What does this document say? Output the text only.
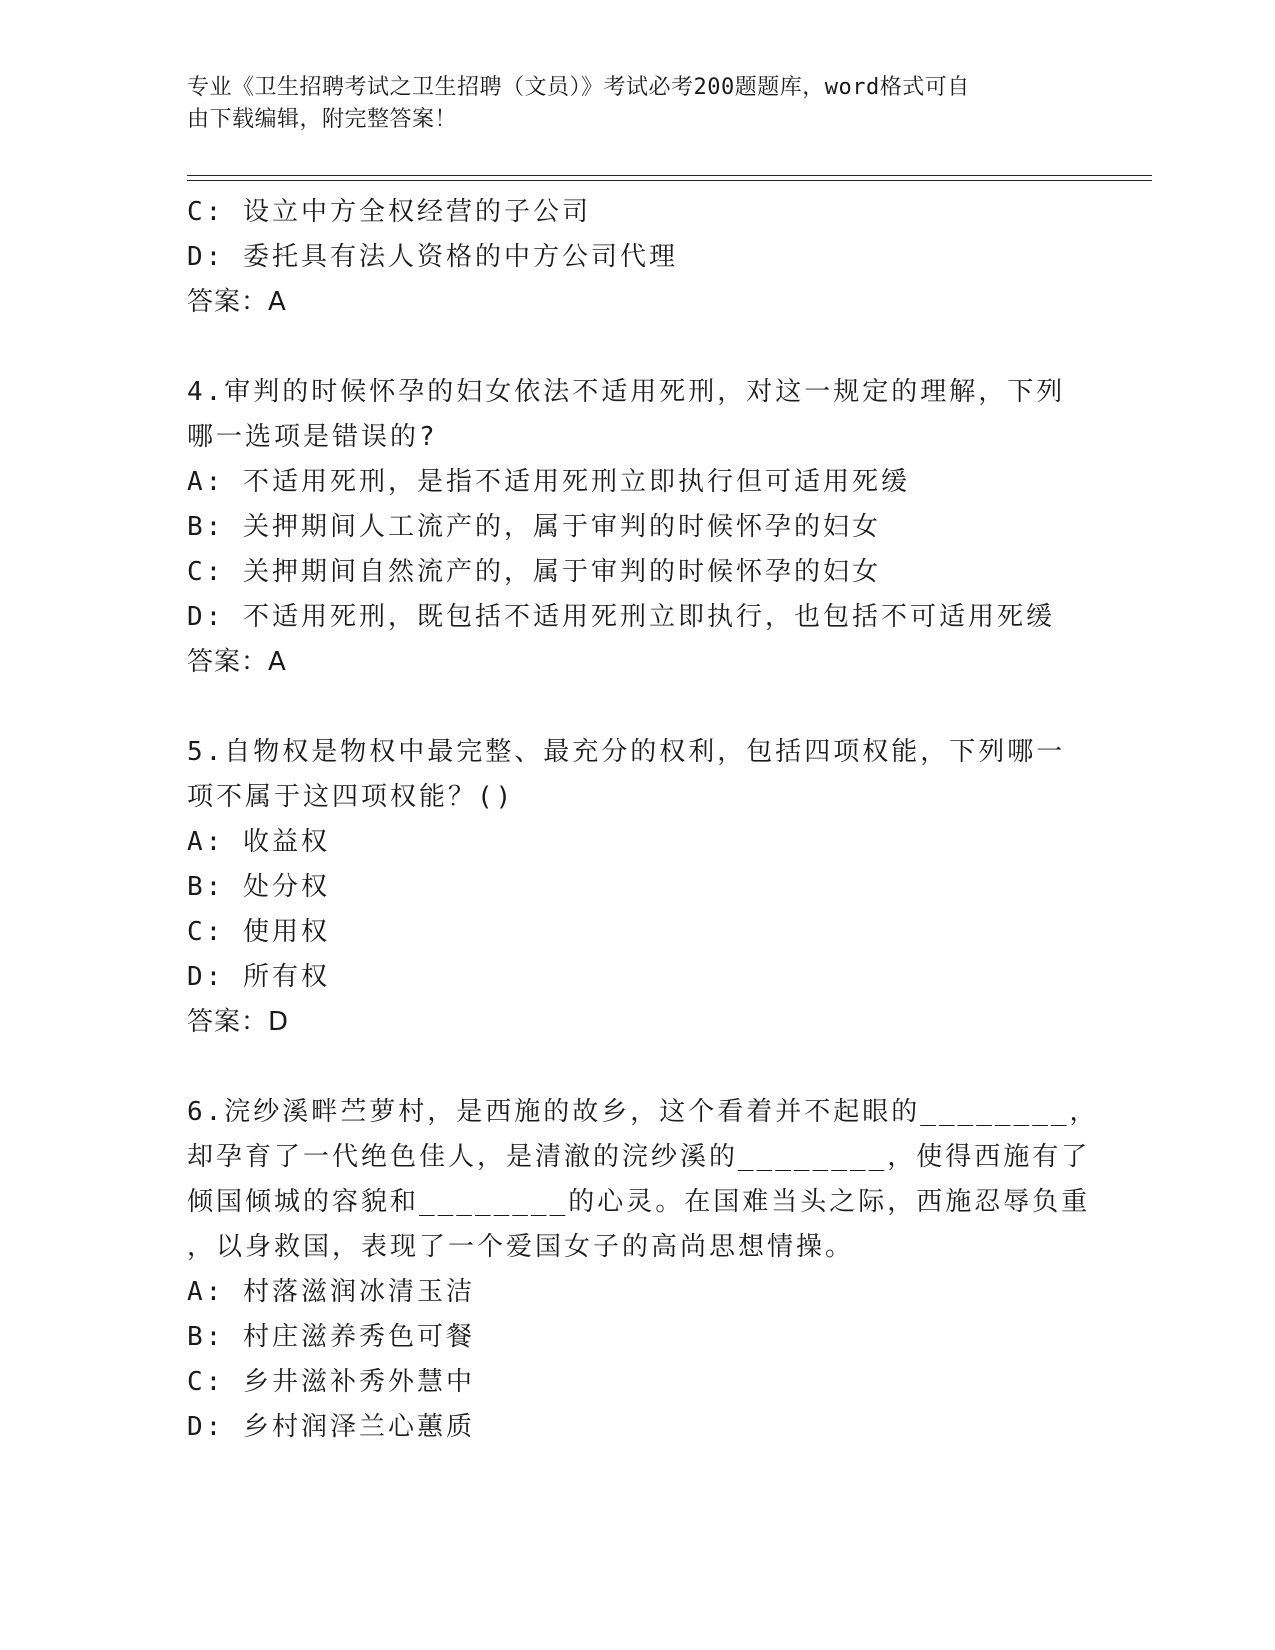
专业《卫生招聘考试之卫生招聘（文员）》考试必考200题题库，word格式可自
由下载编辑，附完整答案！
C: 设立中方全权经营的子公司
D: 委托具有法人资格的中方公司代理
答案：A
4.审判的时候怀孕的妇女依法不适用死刑，对这一规定的理解，下列
哪一选项是错误的?
A: 不适用死刑，是指不适用死刑立即执行但可适用死缓
B: 关押期间人工流产的，属于审判的时候怀孕的妇女
C: 关押期间自然流产的，属于审判的时候怀孕的妇女
D: 不适用死刑，既包括不适用死刑立即执行，也包括不可适用死缓
答案：A
5.自物权是物权中最完整、最充分的权利，包括四项权能，下列哪一
项不属于这四项权能？()
A: 收益权
B: 处分权
C: 使用权
D: 所有权
答案：D
6.浣纱溪畔苎萝村，是西施的故乡，这个看着并不起眼的________，
却孕育了一代绝色佳人，是清澈的浣纱溪的________，使得西施有了
倾国倾城的容貌和________的心灵。在国难当头之际，西施忍辱负重
，以身救国，表现了一个爱国女子的高尚思想情操。
A: 村落滋润冰清玉洁
B: 村庄滋养秀色可餐
C: 乡井滋补秀外慧中
D: 乡村润泽兰心蕙质
